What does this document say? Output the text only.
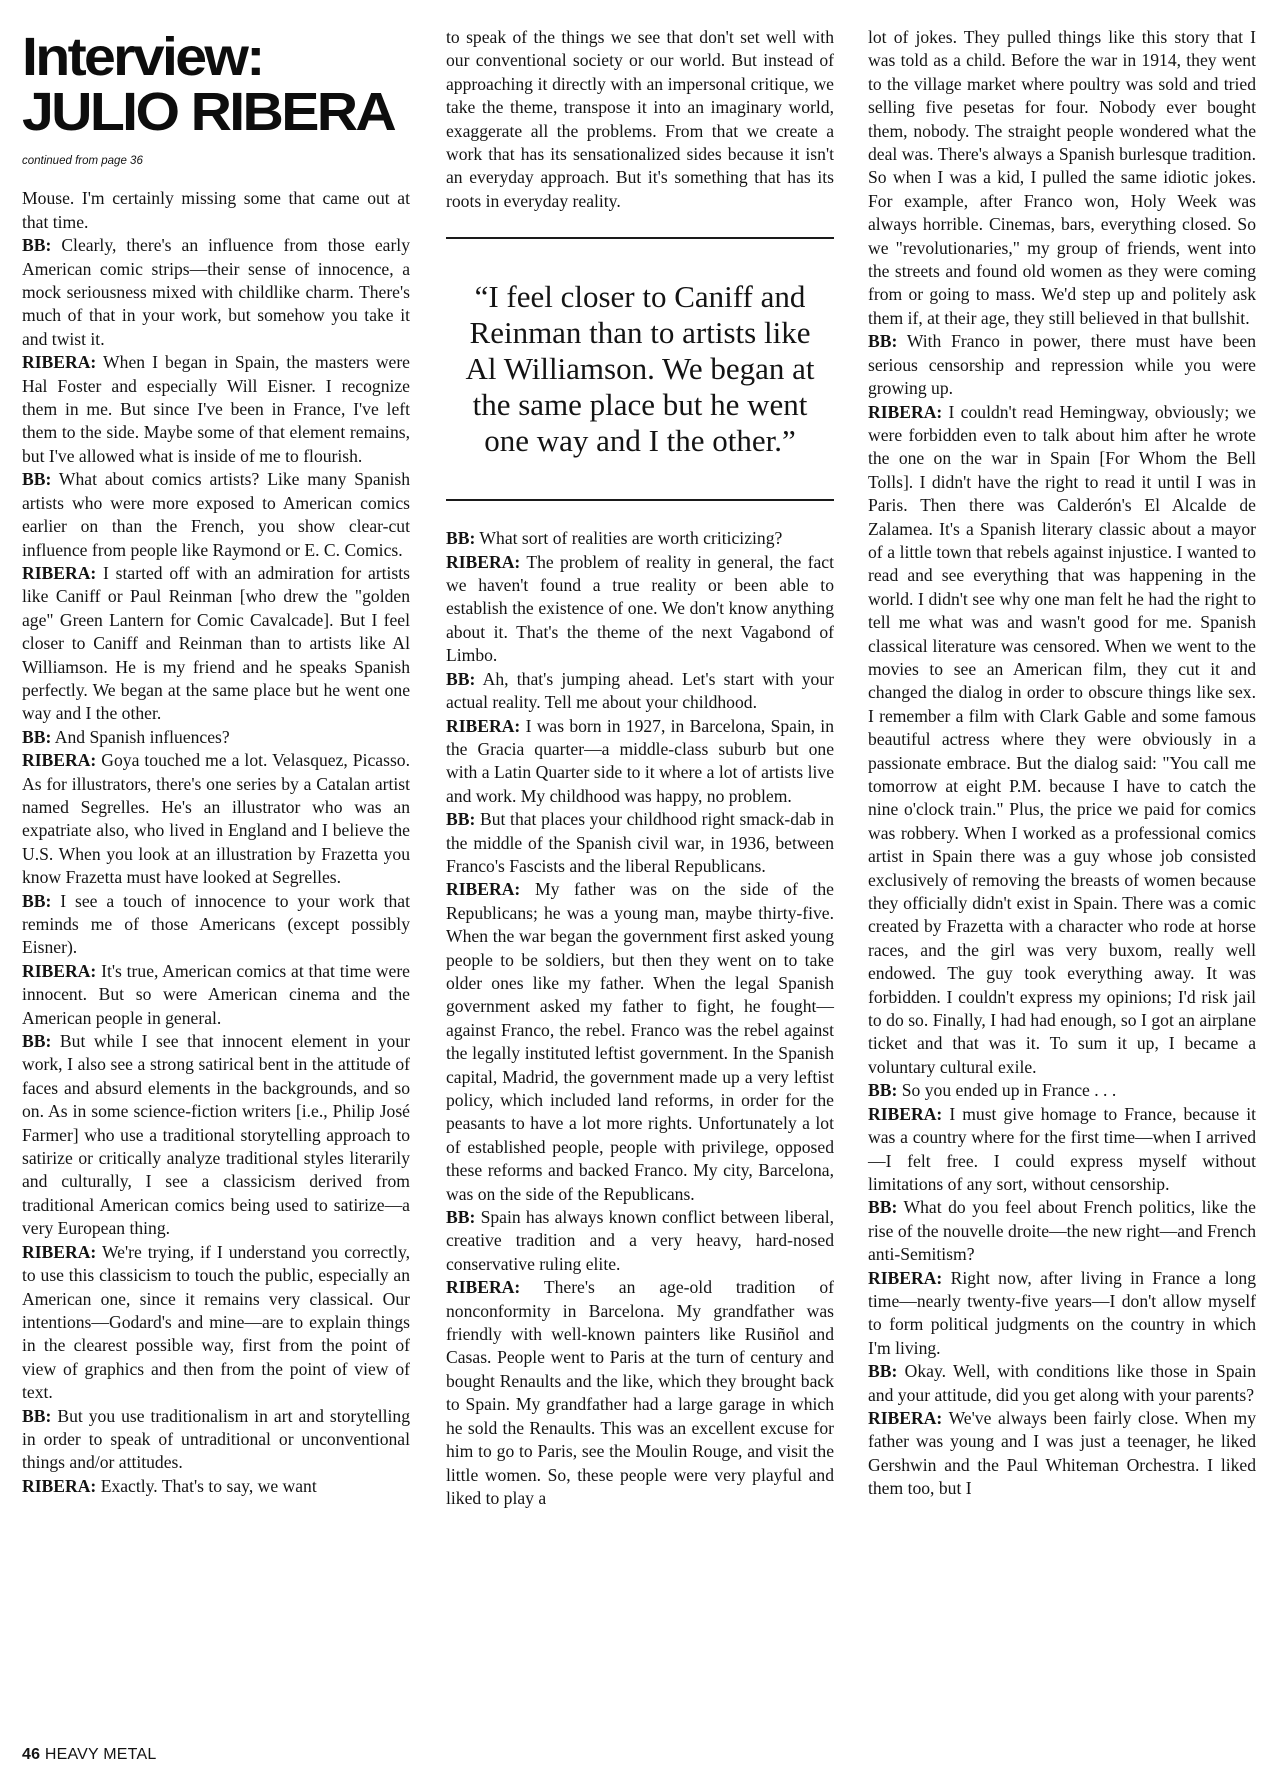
Interview:
JULIO RIBERA
continued from page 36

Mouse. I'm certainly missing some that came out at that time.

BB: Clearly, there's an influence from those early American comic strips—their sense of innocence, a mock seriousness mixed with childlike charm. There's much of that in your work, but somehow you take it and twist it.

RIBERA: When I began in Spain, the masters were Hal Foster and especially Will Eisner. I recognize them in me. But since I've been in France, I've left them to the side. Maybe some of that element remains, but I've allowed what is inside of me to flourish.

BB: What about comics artists? Like many Spanish artists who were more exposed to American comics earlier on than the French, you show clear-cut influence from people like Raymond or E. C. Comics.

RIBERA: I started off with an admiration for artists like Caniff or Paul Reinman [who drew the "golden age" Green Lantern for Comic Cavalcade]. But I feel closer to Caniff and Reinman than to artists like Al Williamson. He is my friend and he speaks Spanish perfectly. We began at the same place but he went one way and I the other.

BB: And Spanish influences?

RIBERA: Goya touched me a lot. Velasquez, Picasso. As for illustrators, there's one series by a Catalan artist named Segrelles. He's an illustrator who was an expatriate also, who lived in England and I believe the U.S. When you look at an illustration by Frazetta you know Frazetta must have looked at Segrelles.

BB: I see a touch of innocence to your work that reminds me of those Americans (except possibly Eisner).

RIBERA: It's true, American comics at that time were innocent. But so were American cinema and the American people in general.

BB: But while I see that innocent element in your work, I also see a strong satirical bent in the attitude of faces and absurd elements in the backgrounds, and so on. As in some science-fiction writers [i.e., Philip José Farmer] who use a traditional storytelling approach to satirize or critically analyze traditional styles literarily and culturally, I see a classicism derived from traditional American comics being used to satirize—a very European thing.

RIBERA: We're trying, if I understand you correctly, to use this classicism to touch the public, especially an American one, since it remains very classical. Our intentions—Godard's and mine—are to explain things in the clearest possible way, first from the point of view of graphics and then from the point of view of text.

BB: But you use traditionalism in art and storytelling in order to speak of untraditional or unconventional things and/or attitudes.

RIBERA: Exactly. That's to say, we want

to speak of the things we see that don't set well with our conventional society or our world. But instead of approaching it directly with an impersonal critique, we take the theme, transpose it into an imaginary world, exaggerate all the problems. From that we create a work that has its sensationalized sides because it isn't an everyday approach. But it's something that has its roots in everyday reality.

“I feel closer to Caniff and Reinman than to artists like Al Williamson. We began at the same place but he went one way and I the other.”

BB: What sort of realities are worth criticizing?

RIBERA: The problem of reality in general, the fact we haven't found a true reality or been able to establish the existence of one. We don't know anything about it. That's the theme of the next Vagabond of Limbo.

BB: Ah, that's jumping ahead. Let's start with your actual reality. Tell me about your childhood.

RIBERA: I was born in 1927, in Barcelona, Spain, in the Gracia quarter—a middle-class suburb but one with a Latin Quarter side to it where a lot of artists live and work. My childhood was happy, no problem.

BB: But that places your childhood right smack-dab in the middle of the Spanish civil war, in 1936, between Franco's Fascists and the liberal Republicans.

RIBERA: My father was on the side of the Republicans; he was a young man, maybe thirty-five. When the war began the government first asked young people to be soldiers, but then they went on to take older ones like my father. When the legal Spanish government asked my father to fight, he fought—against Franco, the rebel. Franco was the rebel against the legally instituted leftist government. In the Spanish capital, Madrid, the government made up a very leftist policy, which included land reforms, in order for the peasants to have a lot more rights. Unfortunately a lot of established people, people with privilege, opposed these reforms and backed Franco. My city, Barcelona, was on the side of the Republicans.

BB: Spain has always known conflict between liberal, creative tradition and a very heavy, hard-nosed conservative ruling elite.

RIBERA: There's an age-old tradition of nonconformity in Barcelona. My grandfather was friendly with well-known painters like Rusiñol and Casas. People went to Paris at the turn of century and bought Renaults and the like, which they brought back to Spain. My grandfather had a large garage in which he sold the Renaults. This was an excellent excuse for him to go to Paris, see the Moulin Rouge, and visit the little women. So, these people were very playful and liked to play a

lot of jokes. They pulled things like this story that I was told as a child. Before the war in 1914, they went to the village market where poultry was sold and tried selling five pesetas for four. Nobody ever bought them, nobody. The straight people wondered what the deal was. There's always a Spanish burlesque tradition. So when I was a kid, I pulled the same idiotic jokes. For example, after Franco won, Holy Week was always horrible. Cinemas, bars, everything closed. So we "revolutionaries," my group of friends, went into the streets and found old women as they were coming from or going to mass. We'd step up and politely ask them if, at their age, they still believed in that bullshit.

BB: With Franco in power, there must have been serious censorship and repression while you were growing up.

RIBERA: I couldn't read Hemingway, obviously; we were forbidden even to talk about him after he wrote the one on the war in Spain [For Whom the Bell Tolls]. I didn't have the right to read it until I was in Paris. Then there was Calderón's El Alcalde de Zalamea. It's a Spanish literary classic about a mayor of a little town that rebels against injustice. I wanted to read and see everything that was happening in the world. I didn't see why one man felt he had the right to tell me what was and wasn't good for me. Spanish classical literature was censored. When we went to the movies to see an American film, they cut it and changed the dialog in order to obscure things like sex. I remember a film with Clark Gable and some famous beautiful actress where they were obviously in a passionate embrace. But the dialog said: "You call me tomorrow at eight P.M. because I have to catch the nine o'clock train." Plus, the price we paid for comics was robbery. When I worked as a professional comics artist in Spain there was a guy whose job consisted exclusively of removing the breasts of women because they officially didn't exist in Spain. There was a comic created by Frazetta with a character who rode at horse races, and the girl was very buxom, really well endowed. The guy took everything away. It was forbidden. I couldn't express my opinions; I'd risk jail to do so. Finally, I had had enough, so I got an airplane ticket and that was it. To sum it up, I became a voluntary cultural exile.

BB: So you ended up in France . . .

RIBERA: I must give homage to France, because it was a country where for the first time—when I arrived—I felt free. I could express myself without limitations of any sort, without censorship.

BB: What do you feel about French politics, like the rise of the nouvelle droite—the new right—and French anti-Semitism?

RIBERA: Right now, after living in France a long time—nearly twenty-five years—I don't allow myself to form political judgments on the country in which I'm living.

BB: Okay. Well, with conditions like those in Spain and your attitude, did you get along with your parents?

RIBERA: We've always been fairly close. When my father was young and I was just a teenager, he liked Gershwin and the Paul Whiteman Orchestra. I liked them too, but I

46 HEAVY METAL
